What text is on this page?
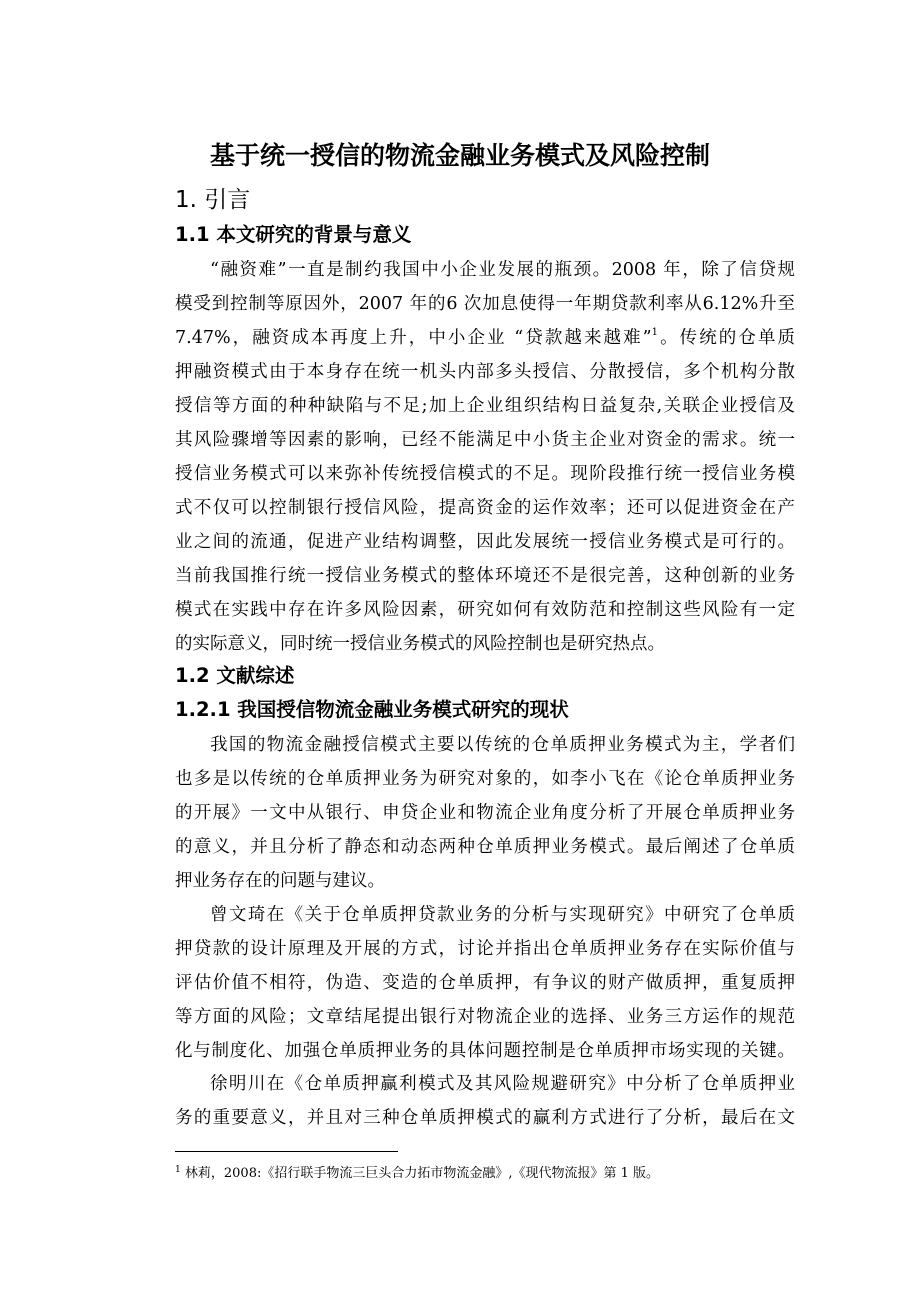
基于统一授信的物流金融业务模式及风险控制
1. 引言
1.1 本文研究的背景与意义
“融资难”一直是制约我国中小企业发展的瓶颈。2008 年，除了信贷规
模受到控制等原因外，2007 年的6 次加息使得一年期贷款利率从6.12%升至
7.47%，融资成本再度上升，中小企业 “贷款越来越难”$^1$。传统的仓单质
押融资模式由于本身存在统一机头内部多头授信、分散授信，多个机构分散
授信等方面的种种缺陷与不足;加上企业组织结构日益复杂,关联企业授信及
其风险骤增等因素的影响，已经不能满足中小货主企业对资金的需求。统一
授信业务模式可以来弥补传统授信模式的不足。现阶段推行统一授信业务模
式不仅可以控制银行授信风险，提高资金的运作效率；还可以促进资金在产
业之间的流通，促进产业结构调整，因此发展统一授信业务模式是可行的。
当前我国推行统一授信业务模式的整体环境还不是很完善，这种创新的业务
模式在实践中存在许多风险因素，研究如何有效防范和控制这些风险有一定
的实际意义，同时统一授信业务模式的风险控制也是研究热点。
1.2 文献综述
1.2.1 我国授信物流金融业务模式研究的现状
我国的物流金融授信模式主要以传统的仓单质押业务模式为主，学者们
也多是以传统的仓单质押业务为研究对象的，如李小飞在《论仓单质押业务
的开展》一文中从银行、申贷企业和物流企业角度分析了开展仓单质押业务
的意义，并且分析了静态和动态两种仓单质押业务模式。最后阐述了仓单质
押业务存在的问题与建议。
曾文琦在《关于仓单质押贷款业务的分析与实现研究》中研究了仓单质
押贷款的设计原理及开展的方式，讨论并指出仓单质押业务存在实际价值与
评估价值不相符，伪造、变造的仓单质押，有争议的财产做质押，重复质押
等方面的风险；文章结尾提出银行对物流企业的选择、业务三方运作的规范
化与制度化、加强仓单质押业务的具体问题控制是仓单质押市场实现的关键。
徐明川在《仓单质押赢利模式及其风险规避研究》中分析了仓单质押业
务的重要意义，并且对三种仓单质押模式的赢利方式进行了分析，最后在文
$^1$ 林莉，2008:《招行联手物流三巨头合力拓市物流金融》,《现代物流报》第 1 版。
